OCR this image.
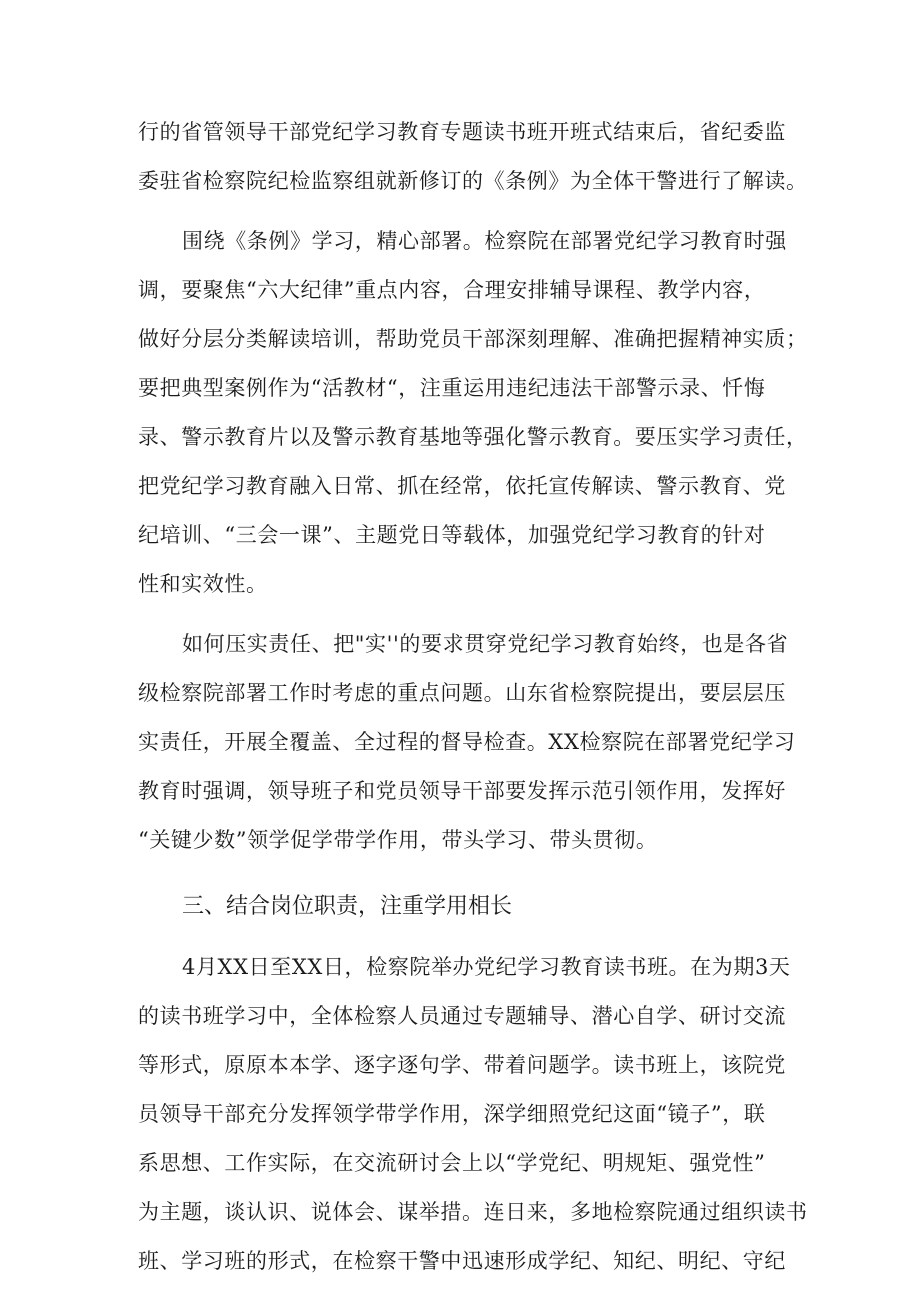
行的省管领导干部党纪学习教育专题读书班开班式结束后，省纪委监
委驻省检察院纪检监察组就新修订的《条例》为全体干警进行了解读。
围绕《条例》学习，精心部署。检察院在部署党纪学习教育时强
调，要聚焦“六大纪律”重点内容，合理安排辅导课程、教学内容，
做好分层分类解读培训，帮助党员干部深刻理解、准确把握精神实质；
要把典型案例作为“活教材“，注重运用违纪违法干部警示录、忏悔
录、警示教育片以及警示教育基地等强化警示教育。要压实学习责任，
把党纪学习教育融入日常、抓在经常，依托宣传解读、警示教育、党
纪培训、“三会一课”、主题党日等载体，加强党纪学习教育的针对
性和实效性。
如何压实责任、把"实''的要求贯穿党纪学习教育始终，也是各省
级检察院部署工作时考虑的重点问题。山东省检察院提出，要层层压
实责任，开展全覆盖、全过程的督导检查。XX检察院在部署党纪学习
教育时强调，领导班子和党员领导干部要发挥示范引领作用，发挥好
“关键少数”领学促学带学作用，带头学习、带头贯彻。
三、结合岗位职责，注重学用相长
4月XX日至XX日，检察院举办党纪学习教育读书班。在为期3天
的读书班学习中，全体检察人员通过专题辅导、潜心自学、研讨交流
等形式，原原本本学、逐字逐句学、带着问题学。读书班上，该院党
员领导干部充分发挥领学带学作用，深学细照党纪这面“镜子”，联
系思想、工作实际，在交流研讨会上以“学党纪、明规矩、强党性”
为主题，谈认识、说体会、谋举措。连日来，多地检察院通过组织读书
班、学习班的形式，在检察干警中迅速形成学纪、知纪、明纪、守纪
